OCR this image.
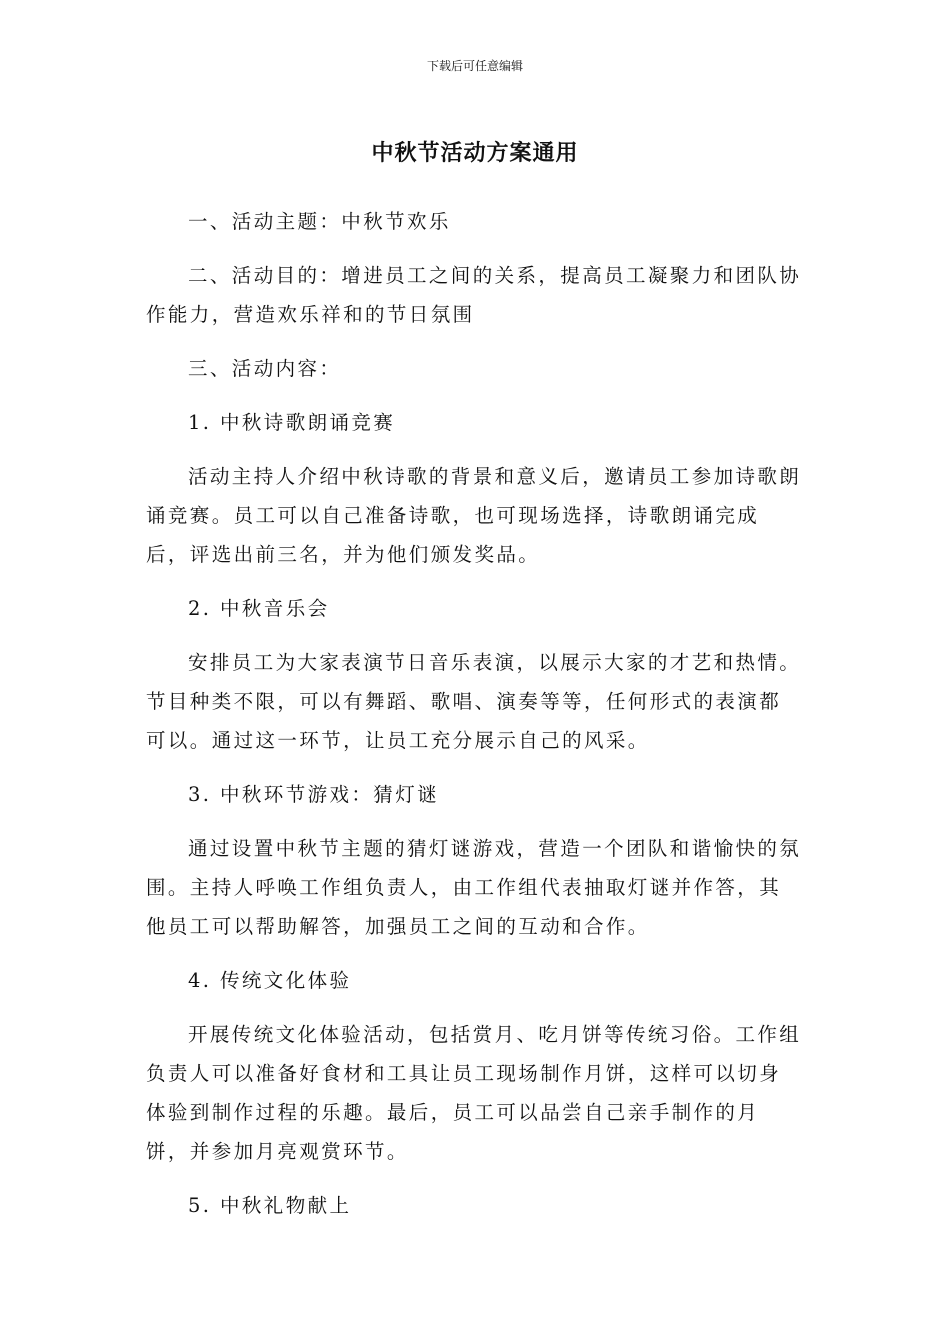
下载后可任意编辑
中秋节活动方案通用

一、活动主题：中秋节欢乐

二、活动目的：增进员工之间的关系，提高员工凝聚力和团队协作能力，营造欢乐祥和的节日氛围

三、活动内容：

1. 中秋诗歌朗诵竞赛

活动主持人介绍中秋诗歌的背景和意义后，邀请员工参加诗歌朗诵竞赛。员工可以自己准备诗歌，也可现场选择，诗歌朗诵完成后，评选出前三名，并为他们颁发奖品。

2. 中秋音乐会

安排员工为大家表演节日音乐表演，以展示大家的才艺和热情。节目种类不限，可以有舞蹈、歌唱、演奏等等，任何形式的表演都可以。通过这一环节，让员工充分展示自己的风采。

3. 中秋环节游戏：猜灯谜

通过设置中秋节主题的猜灯谜游戏，营造一个团队和谐愉快的氛围。主持人呼唤工作组负责人，由工作组代表抽取灯谜并作答，其他员工可以帮助解答，加强员工之间的互动和合作。

4. 传统文化体验

开展传统文化体验活动，包括赏月、吃月饼等传统习俗。工作组负责人可以准备好食材和工具让员工现场制作月饼，这样可以切身体验到制作过程的乐趣。最后，员工可以品尝自己亲手制作的月饼，并参加月亮观赏环节。

5. 中秋礼物献上
